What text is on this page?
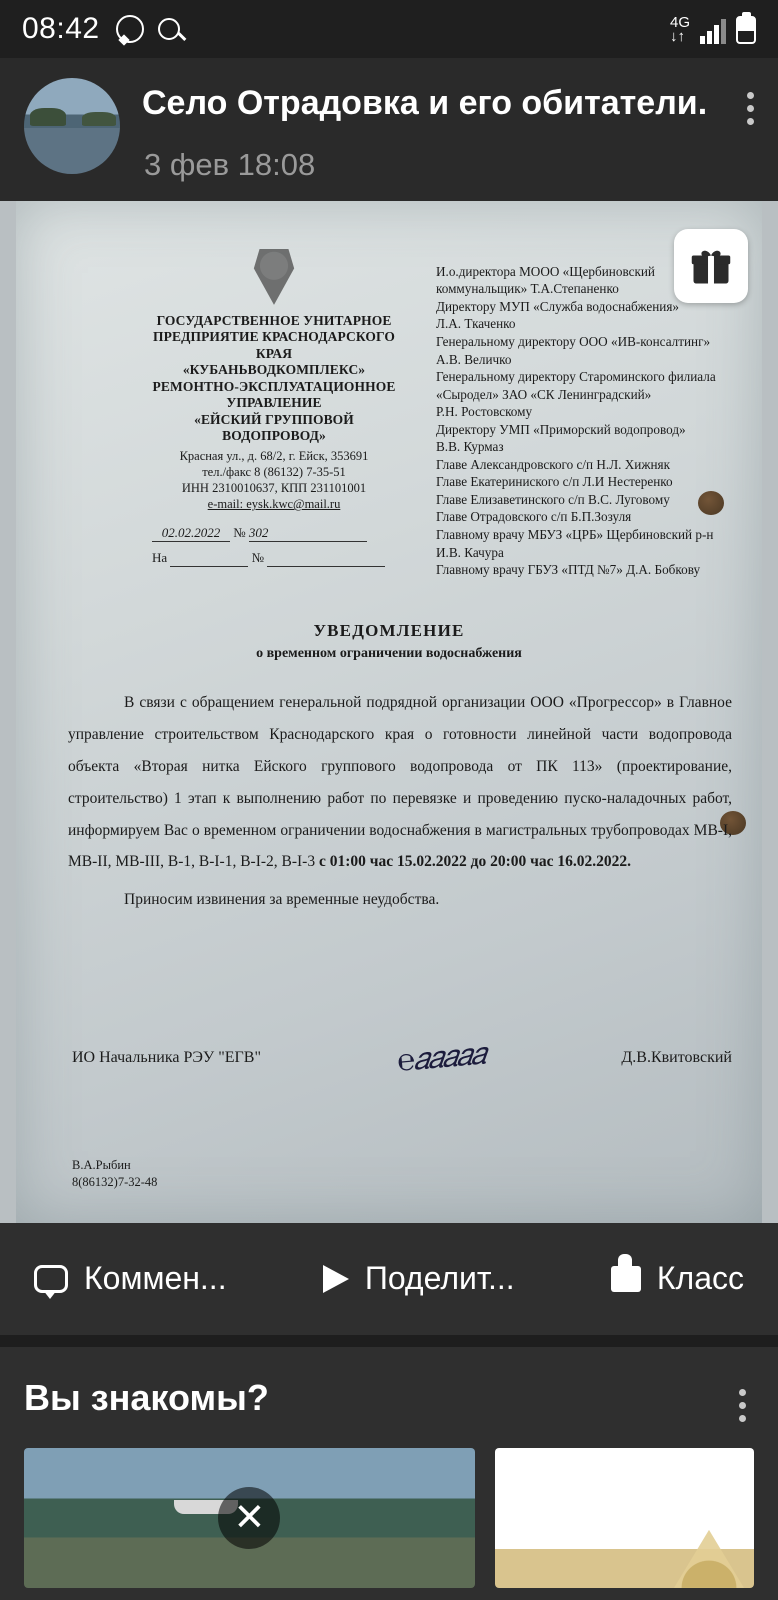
08:42	4G
↓↑
Село Отрадовка и его обитатели.
3 фев 18:08
ГОСУДАРСТВЕННОЕ УНИТАРНОЕ
ПРЕДПРИЯТИЕ КРАСНОДАРСКОГО КРАЯ
«КУБАНЬВОДКОМПЛЕКС»
РЕМОНТНО-ЭКСПЛУАТАЦИОННОЕ УПРАВЛЕНИЕ
«ЕЙСКИЙ ГРУППОВОЙ ВОДОПРОВОД»
Красная ул., д. 68/2, г. Ейск, 353691
тел./факс 8 (86132) 7-35-51
ИНН 2310010637, КПП 231101001
e-mail: eysk.kwc@mail.ru
02.02.2022 № 302
На	№
И.о.директора МООО «Щербиновский
коммунальщик» Т.А.Степаненко
Директору МУП «Служба водоснабжения»
Л.А. Ткаченко
Генеральному директору ООО «ИВ-консалтинг»
А.В. Величко
Генеральному директору Староминского филиала
«Сыродел» ЗАО «СК Ленинградский»
Р.Н. Ростовскому
Директору УМП «Приморский водопровод»
В.В. Курмаз
Главе Александровского с/п Н.Л. Хижняк
Главе Екатериниского с/п Л.И Нестеренко
Главе Елизаветинского с/п В.С. Луговому
Главе Отрадовского с/п Б.П.Зозуля
Главному врачу МБУЗ «ЦРБ» Щербиновский р-н
И.В. Качура
Главному врачу ГБУЗ «ПТД №7» Д.А. Бобкову
УВЕДОМЛЕНИЕ
о временном ограничении водоснабжения

В связи с обращением генеральной подрядной организации ООО «Прогрессор» в Главное управление строительством Краснодарского края о готовности линейной части водопровода объекта «Вторая нитка Ейского группового водопровода от ПК 113» (проектирование, строительство) 1 этап к выполнению работ по перевязке и проведению пуско-наладочных работ, информируем Вас о временном ограничении водоснабжения в магистральных трубопроводах МВ-I, МВ-II, МВ-III, В-1, В-I-1, В-I-2, В-I-3 с 01:00 час 15.02.2022 до 20:00 час 16.02.2022.

Приносим извинения за временные неудобства.

ИО Начальника РЭУ "ЕГВ"	℮𝑎𝑎𝑎𝑎𝑎	Д.В.Квитовский
В.А.Рыбин
8(86132)7-32-48
Коммен...	Поделит...	Класс
Вы знакомы?
✕
